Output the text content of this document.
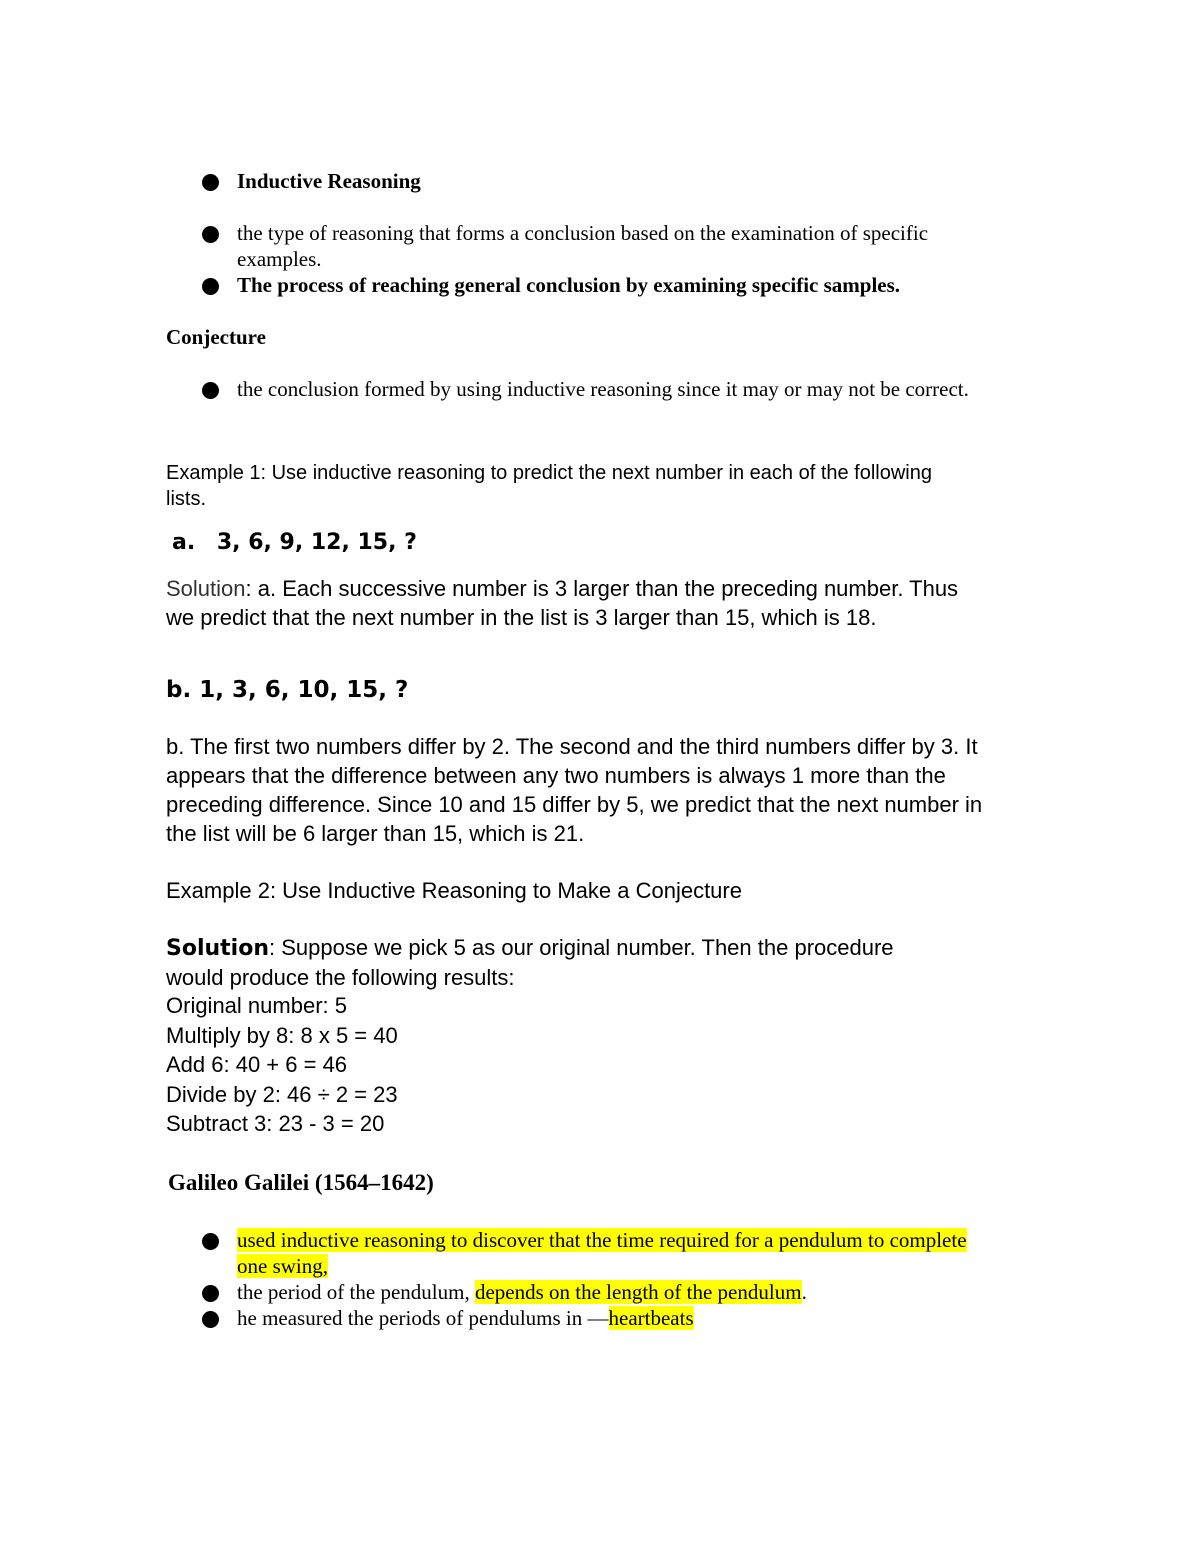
Inductive Reasoning
the type of reasoning that forms a conclusion based on the examination of specific examples.
The process of reaching general conclusion by examining specific samples.
Conjecture
the conclusion formed by using inductive reasoning since it may or may not be correct.
Example 1: Use inductive reasoning to predict the next number in each of the following lists.
a. 3, 6, 9, 12, 15, ?
Solution: a. Each successive number is 3 larger than the preceding number. Thus we predict that the next number in the list is 3 larger than 15, which is 18.
b. 1, 3, 6, 10, 15, ?
b. The first two numbers differ by 2. The second and the third numbers differ by 3. It appears that the difference between any two numbers is always 1 more than the preceding difference. Since 10 and 15 differ by 5, we predict that the next number in the list will be 6 larger than 15, which is 21.
Example 2: Use Inductive Reasoning to Make a Conjecture
Solution: Suppose we pick 5 as our original number. Then the procedure would produce the following results:
Original number: 5
Multiply by 8: 8 x 5 = 40
Add 6: 40 + 6 = 46
Divide by 2: 46 ÷ 2 = 23
Subtract 3: 23 - 3 = 20
Galileo Galilei (1564–1642)
used inductive reasoning to discover that the time required for a pendulum to complete one swing,
the period of the pendulum, depends on the length of the pendulum.
he measured the periods of pendulums in —heartbeats
